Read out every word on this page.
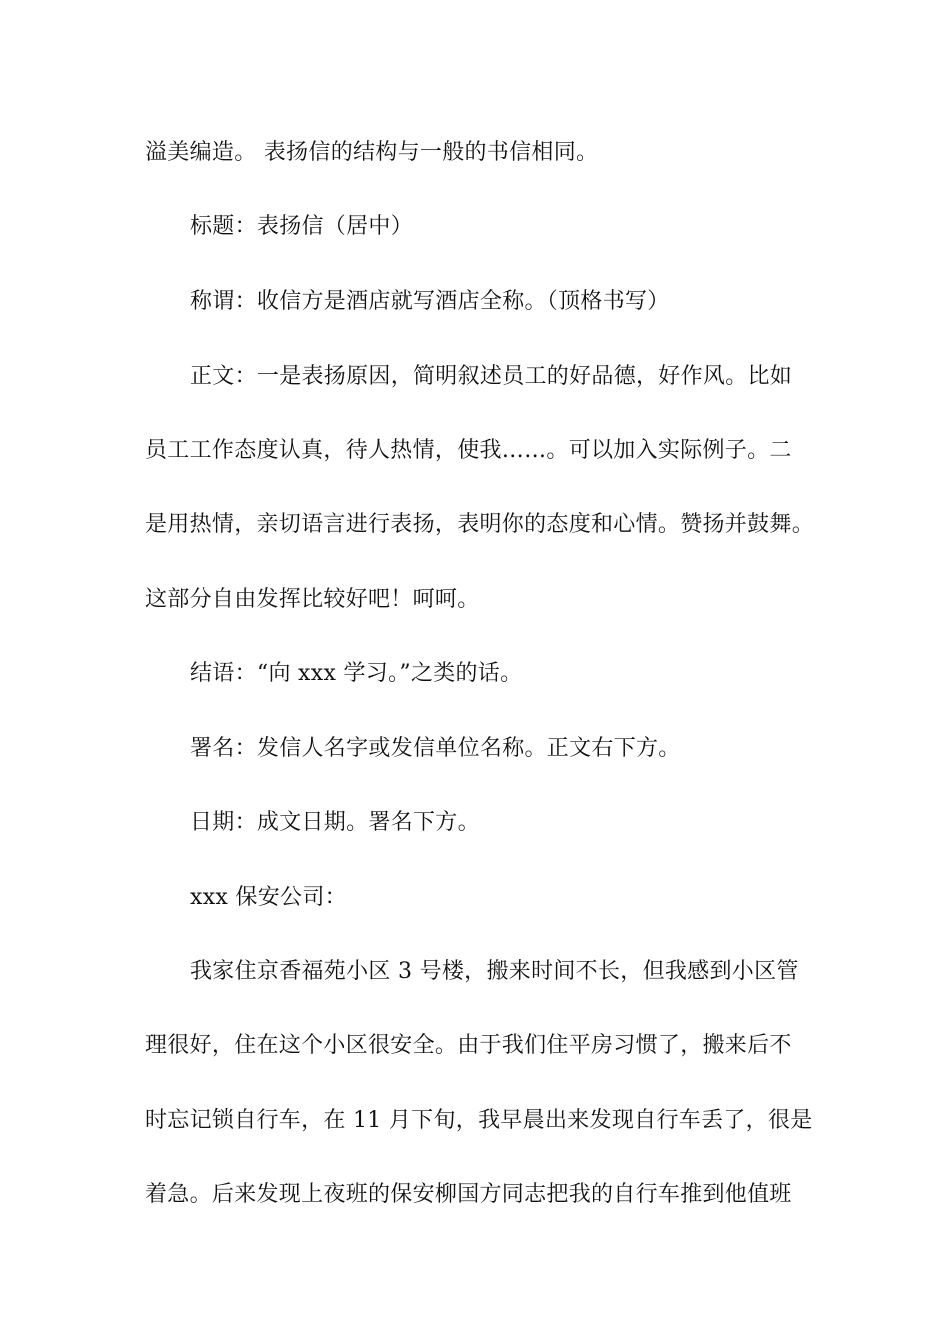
溢美编造。 表扬信的结构与一般的书信相同。
标题：表扬信（居中）
称谓：收信方是酒店就写酒店全称。（顶格书写）
正文：一是表扬原因，简明叙述员工的好品德，好作风。比如
员工工作态度认真，待人热情，使我……。可以加入实际例子。二
是用热情，亲切语言进行表扬，表明你的态度和心情。赞扬并鼓舞。
这部分自由发挥比较好吧！呵呵。
结语：“向 xxx 学习。”之类的话。
署名：发信人名字或发信单位名称。正文右下方。
日期：成文日期。署名下方。
xxx 保安公司：
我家住京香福苑小区 3 号楼，搬来时间不长，但我感到小区管
理很好，住在这个小区很安全。由于我们住平房习惯了，搬来后不
时忘记锁自行车，在 11 月下旬，我早晨出来发现自行车丢了，很是
着急。后来发现上夜班的保安柳国方同志把我的自行车推到他值班
